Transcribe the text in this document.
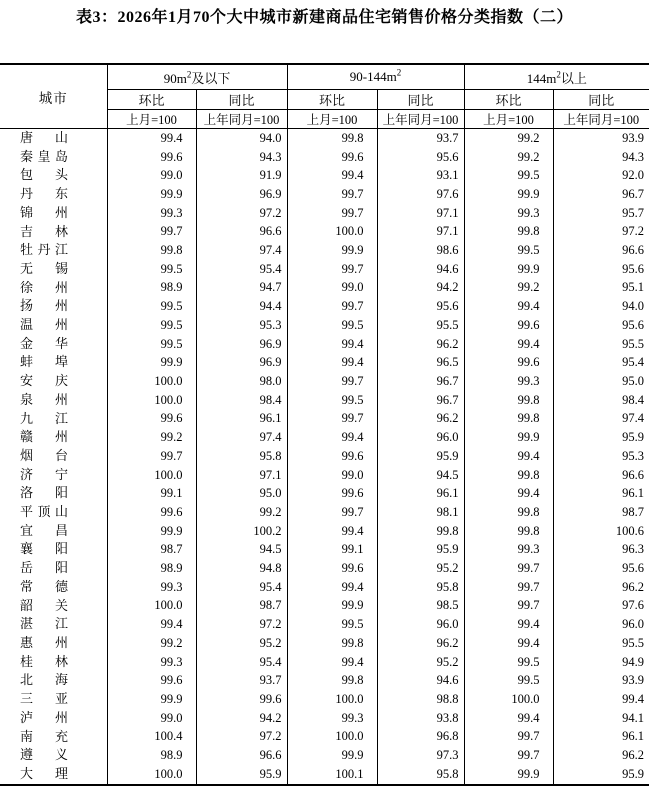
表3：2026年1月70个大中城市新建商品住宅销售价格分类指数（二）
城市	$90m^2$及以下		$90-144m^2$		$144m^2$以上	
	环比	同比	环比	同比	环比	同比
	上月=100	上年同月=100	上月=100	上年同月=100	上月=100	上年同月=100

唐 山	99.4	94.0	99.8	93.7	99.2	93.9

秦 皇 岛	99.6	94.3	99.6	95.6	99.2	94.3

包 头	99.0	91.9	99.4	93.1	99.5	92.0

丹 东	99.9	96.9	99.7	97.6	99.9	96.7

锦 州	99.3	97.2	99.7	97.1	99.3	95.7

吉 林	99.7	96.6	100.0	97.1	99.8	97.2

牡 丹 江	99.8	97.4	99.9	98.6	99.5	96.6

无 锡	99.5	95.4	99.7	94.6	99.9	95.6

徐 州	98.9	94.7	99.0	94.2	99.2	95.1

扬 州	99.5	94.4	99.7	95.6	99.4	94.0

温 州	99.5	95.3	99.5	95.5	99.6	95.6

金 华	99.5	96.9	99.4	96.2	99.4	95.5

蚌 埠	99.9	96.9	99.4	96.5	99.6	95.4

安 庆	100.0	98.0	99.7	96.7	99.3	95.0

泉 州	100.0	98.4	99.5	96.7	99.8	98.4

九 江	99.6	96.1	99.7	96.2	99.8	97.4

赣 州	99.2	97.4	99.4	96.0	99.9	95.9

烟 台	99.7	95.8	99.6	95.9	99.4	95.3

济 宁	100.0	97.1	99.0	94.5	99.8	96.6

洛 阳	99.1	95.0	99.6	96.1	99.4	96.1

平 顶 山	99.6	99.2	99.7	98.1	99.8	98.7

宜 昌	99.9	100.2	99.4	99.8	99.8	100.6

襄 阳	98.7	94.5	99.1	95.9	99.3	96.3

岳 阳	98.9	94.8	99.6	95.2	99.7	95.6

常 德	99.3	95.4	99.4	95.8	99.7	96.2

韶 关	100.0	98.7	99.9	98.5	99.7	97.6

湛 江	99.4	97.2	99.5	96.0	99.4	96.0

惠 州	99.2	95.2	99.8	96.2	99.4	95.5

桂 林	99.3	95.4	99.4	95.2	99.5	94.9

北 海	99.6	93.7	99.8	94.6	99.5	93.9

三 亚	99.9	99.6	100.0	98.8	100.0	99.4

泸 州	99.0	94.2	99.3	93.8	99.4	94.1

南 充	100.4	97.2	100.0	96.8	99.7	96.1

遵 义	98.9	96.6	99.9	97.3	99.7	96.2

大 理	100.0	95.9	100.1	95.8	99.9	95.9
